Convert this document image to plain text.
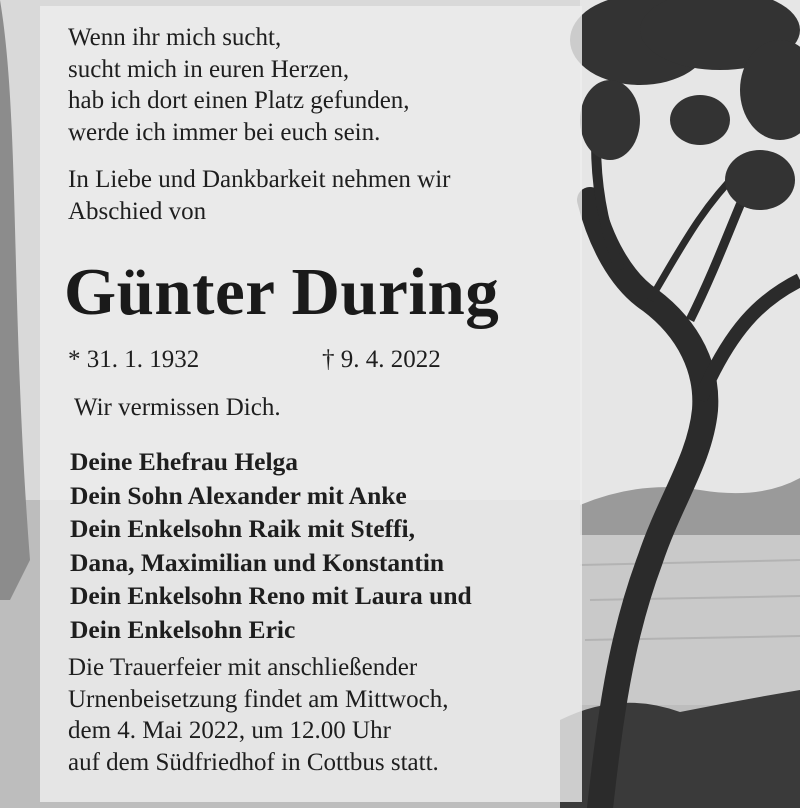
Wenn ihr mich sucht,
sucht mich in euren Herzen,
hab ich dort einen Platz gefunden,
werde ich immer bei euch sein.
In Liebe und Dankbarkeit nehmen wir
Abschied von
Günter During
* 31. 1. 1932	† 9. 4. 2022
Wir vermissen Dich.
Deine Ehefrau Helga
Dein Sohn Alexander mit Anke
Dein Enkelsohn Raik mit Steffi,
Dana, Maximilian und Konstantin
Dein Enkelsohn Reno mit Laura und
Dein Enkelsohn Eric
Die Trauerfeier mit anschließender
Urnenbeisetzung findet am Mittwoch,
dem 4. Mai 2022, um 12.00 Uhr
auf dem Südfriedhof in Cottbus statt.
